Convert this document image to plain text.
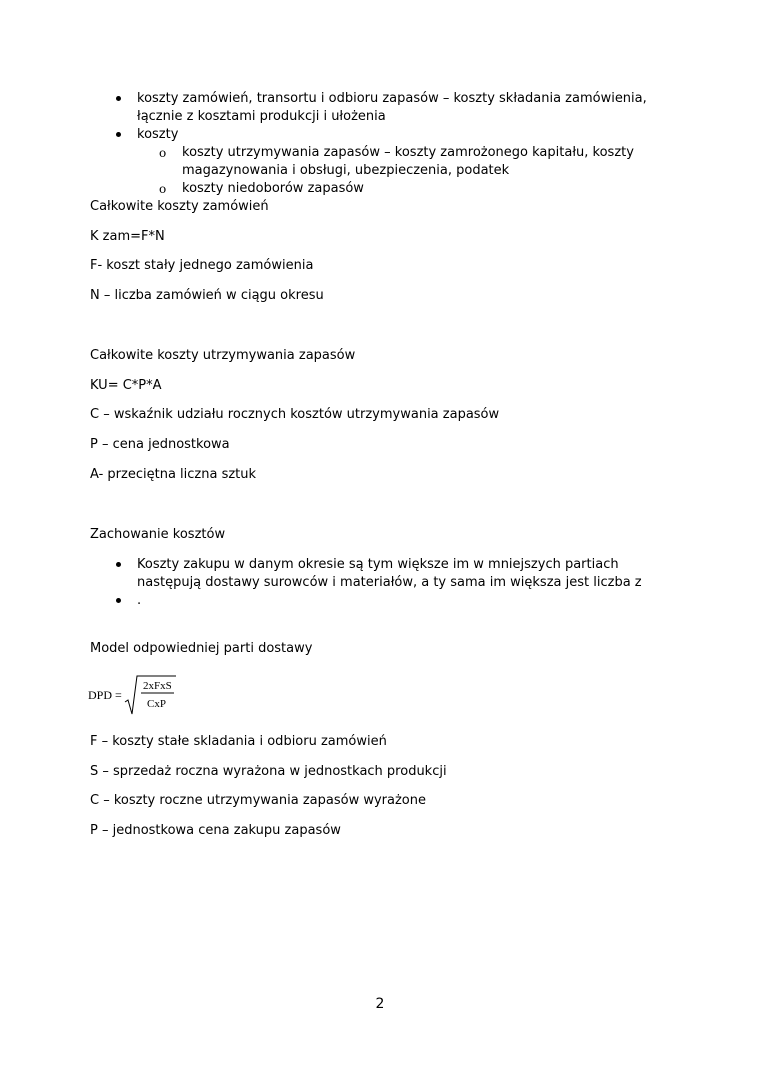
koszty zamówień, transortu i odbioru zapasów – koszty składania zamówienia,
łącznie z kosztami produkcji i ułożenia
koszty
o koszty utrzymywania zapasów – koszty zamrożonego kapitału, koszty
magazynowania i obsługi, ubezpieczenia, podatek
o koszty niedoborów zapasów
Całkowite koszty zamówień
K zam=F*N
F- koszt stały jednego zamówienia
N – liczba zamówień w ciągu okresu
Całkowite koszty utrzymywania zapasów
KU= C*P*A
C – wskaźnik udziału rocznych kosztów utrzymywania zapasów
P – cena jednostkowa
A- przeciętna liczna sztuk
Zachowanie kosztów
Koszty zakupu w danym okresie są tym większe im w mniejszych partiach
następują dostawy surowców i materiałów, a ty sama im większa jest liczba z
.
Model odpowiedniej parti dostawy
DPD =
2xFxS
CxP
F – koszty stałe skladania i odbioru zamówień
S – sprzedaż roczna wyrażona w jednostkach produkcji
C – koszty roczne utrzymywania zapasów wyrażone
P – jednostkowa cena zakupu zapasów
2
